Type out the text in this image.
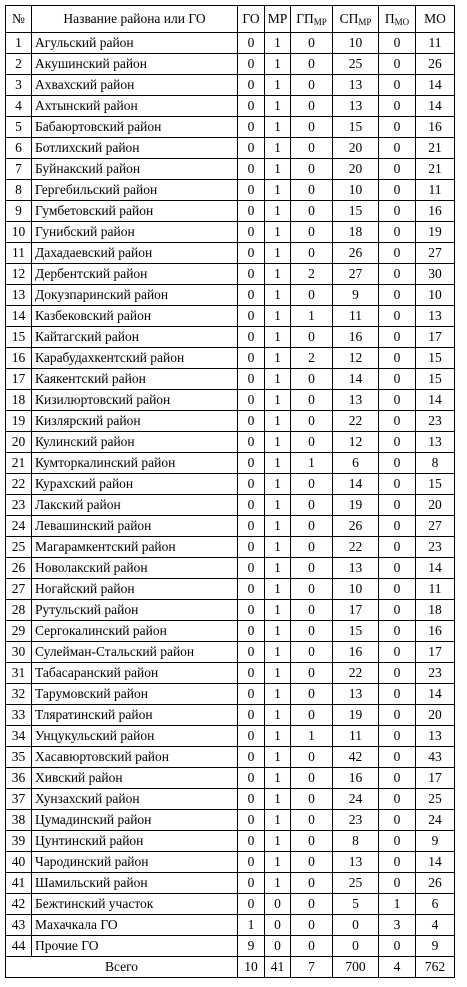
№	Название района или ГО	ГО	МР	$ГП_{МР}$	$СП_{МР}$	$П_{МО}$	МО
1	Агульский район	0	1	0	10	0	11
2	Акушинский район	0	1	0	25	0	26
3	Ахвахский район	0	1	0	13	0	14
4	Ахтынский район	0	1	0	13	0	14
5	Бабаюртовский район	0	1	0	15	0	16
6	Ботлихский район	0	1	0	20	0	21
7	Буйнакский район	0	1	0	20	0	21
8	Гергебильский район	0	1	0	10	0	11
9	Гумбетовский район	0	1	0	15	0	16
10	Гунибский район	0	1	0	18	0	19
11	Дахадаевский район	0	1	0	26	0	27
12	Дербентский район	0	1	2	27	0	30
13	Докузпаринский район	0	1	0	9	0	10
14	Казбековский район	0	1	1	11	0	13
15	Кайтагский район	0	1	0	16	0	17
16	Карабудахкентский район	0	1	2	12	0	15
17	Каякентский район	0	1	0	14	0	15
18	Кизилюртовский район	0	1	0	13	0	14
19	Кизлярский район	0	1	0	22	0	23
20	Кулинский район	0	1	0	12	0	13
21	Кумторкалинский район	0	1	1	6	0	8
22	Курахский район	0	1	0	14	0	15
23	Лакский район	0	1	0	19	0	20
24	Левашинский район	0	1	0	26	0	27
25	Магарамкентский район	0	1	0	22	0	23
26	Новолакский район	0	1	0	13	0	14
27	Ногайский район	0	1	0	10	0	11
28	Рутульский район	0	1	0	17	0	18
29	Сергокалинский район	0	1	0	15	0	16
30	Сулейман-Стальский район	0	1	0	16	0	17
31	Табасаранский район	0	1	0	22	0	23
32	Тарумовский район	0	1	0	13	0	14
33	Тляратинский район	0	1	0	19	0	20
34	Унцукульский район	0	1	1	11	0	13
35	Хасавюртовский район	0	1	0	42	0	43
36	Хивский район	0	1	0	16	0	17
37	Хунзахский район	0	1	0	24	0	25
38	Цумадинский район	0	1	0	23	0	24
39	Цунтинский район	0	1	0	8	0	9
40	Чародинский район	0	1	0	13	0	14
41	Шамильский район	0	1	0	25	0	26
42	Бежтинский участок	0	0	0	5	1	6
43	Махачкала ГО	1	0	0	0	3	4
44	Прочие ГО	9	0	0	0	0	9
Всего		10	41	7	700	4	762
